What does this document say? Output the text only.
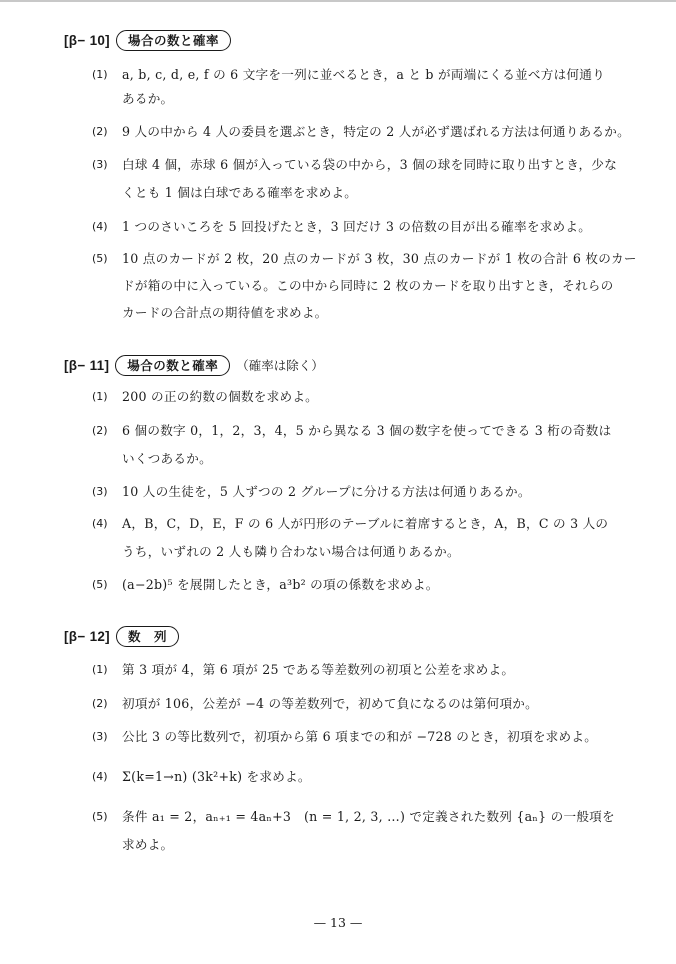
[β− 10]	場合の数と確率
(1) a, b, c, d, e, f の 6 文字を一列に並べるとき，a と b が両端にくる並べ方は何通り
あるか。
(2) 9 人の中から 4 人の委員を選ぶとき，特定の 2 人が必ず選ばれる方法は何通りあるか。
(3) 白球 4 個，赤球 6 個が入っている袋の中から，3 個の球を同時に取り出すとき，少な
くとも 1 個は白球である確率を求めよ。
(4) 1 つのさいころを 5 回投げたとき，3 回だけ 3 の倍数の目が出る確率を求めよ。
(5) 10 点のカードが 2 枚，20 点のカードが 3 枚，30 点のカードが 1 枚の合計 6 枚のカー
ドが箱の中に入っている。この中から同時に 2 枚のカードを取り出すとき，それらの
カードの合計点の期待値を求めよ。
[β− 11]	場合の数と確率	（確率は除く）
(1) 200 の正の約数の個数を求めよ。
(2) 6 個の数字 0，1，2，3，4，5 から異なる 3 個の数字を使ってできる 3 桁の奇数は
いくつあるか。
(3) 10 人の生徒を，5 人ずつの 2 グループに分ける方法は何通りあるか。
(4) A，B，C，D，E，F の 6 人が円形のテーブルに着席するとき，A，B，C の 3 人の
うち，いずれの 2 人も隣り合わない場合は何通りあるか。
(5) (a−2b)⁵ を展開したとき，a³b² の項の係数を求めよ。
[β− 12]	数　列
(1) 第 3 項が 4，第 6 項が 25 である等差数列の初項と公差を求めよ。
(2) 初項が 106，公差が −4 の等差数列で，初めて負になるのは第何項か。
(3) 公比 3 の等比数列で，初項から第 6 項までの和が −728 のとき，初項を求めよ。
(4) Σ(k=1→n) (3k²+k) を求めよ。
(5) 条件 a₁ = 2，aₙ₊₁ = 4aₙ+3　(n = 1, 2, 3, …) で定義された数列 {aₙ} の一般項を
求めよ。
— 13 —
